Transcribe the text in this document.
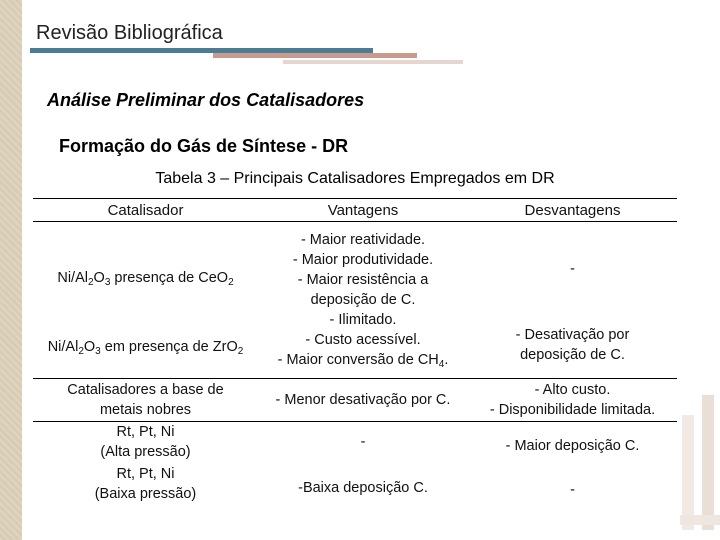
Revisão Bibliográfica
Análise Preliminar dos Catalisadores
Formação do Gás de Síntese - DR
Tabela 3 – Principais Catalisadores Empregados em DR
Catalisador	Vantagens	Desvantagens
$Ni/Al_2O_3$ presença de CeO$_2$
$Ni/Al_2O_3$ em presença de ZrO$_2$
Catalisadores a base de
metais nobres
Rt, Pt, Ni
(Alta pressão)
Rt, Pt, Ni
(Baixa pressão)
- Maior reatividade.
- Maior produtividade.
- Maior resistência a
deposição de C.
- Ilimitado.
- Custo acessível.
- Maior conversão de $CH_4$.
- Menor desativação por C.
-
-Baixa deposição C.
-
- Desativação por
deposição de C.
- Alto custo.
- Disponibilidade limitada.
- Maior deposição C.
-
